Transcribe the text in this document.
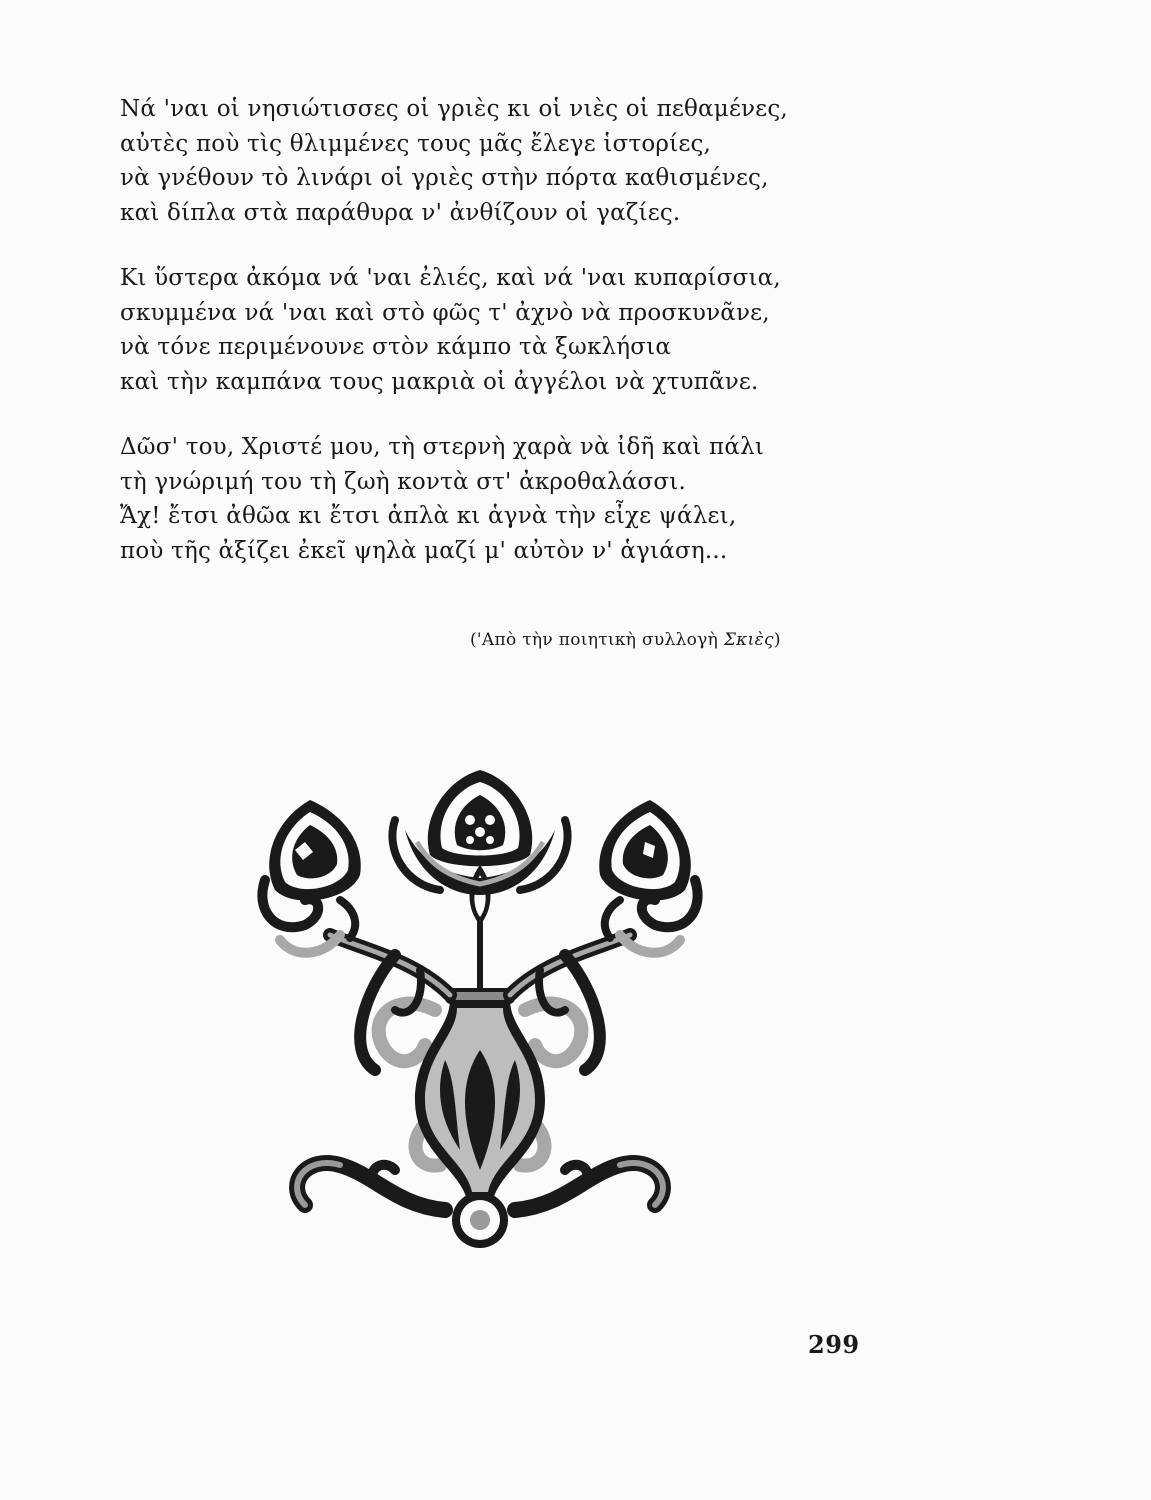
Νά 'ναι οἱ νησιώτισσες οἱ γριὲς κι οἱ νιὲς οἱ πεθαμένες,
αὐτὲς ποὺ τὶς θλιμμένες τους μᾶς ἔλεγε ἱστορίες,
νὰ γνέθουν τὸ λινάρι οἱ γριὲς στὴν πόρτα καθισμένες,
καὶ δίπλα στὰ παράθυρα ν' ἀνθίζουν οἱ γαζίες.
Κι ὕστερα ἀκόμα νά 'ναι ἐλιές, καὶ νά 'ναι κυπαρίσσια,
σκυμμένα νά 'ναι καὶ στὸ φῶς τ' ἀχνὸ νὰ προσκυνᾶνε,
νὰ τόνε περιμένουνε στὸν κάμπο τὰ ξωκλήσια
καὶ τὴν καμπάνα τους μακριὰ οἱ ἀγγέλοι νὰ χτυπᾶνε.
Δῶσ' του, Χριστέ μου, τὴ στερνὴ χαρὰ νὰ ἰδῆ καὶ πάλι
τὴ γνώριμή του τὴ ζωὴ κοντὰ στ' ἀκροθαλάσσι.
Ἄχ! ἔτσι ἀθῶα κι ἔτσι ἁπλὰ κι ἁγνὰ τὴν εἶχε ψάλει,
ποὺ τῆς ἀξίζει ἐκεῖ ψηλὰ μαζί μ' αὐτὸν ν' ἁγιάση...
('Απὸ τὴν ποιητικὴ συλλογὴ Σκιὲς)
299
